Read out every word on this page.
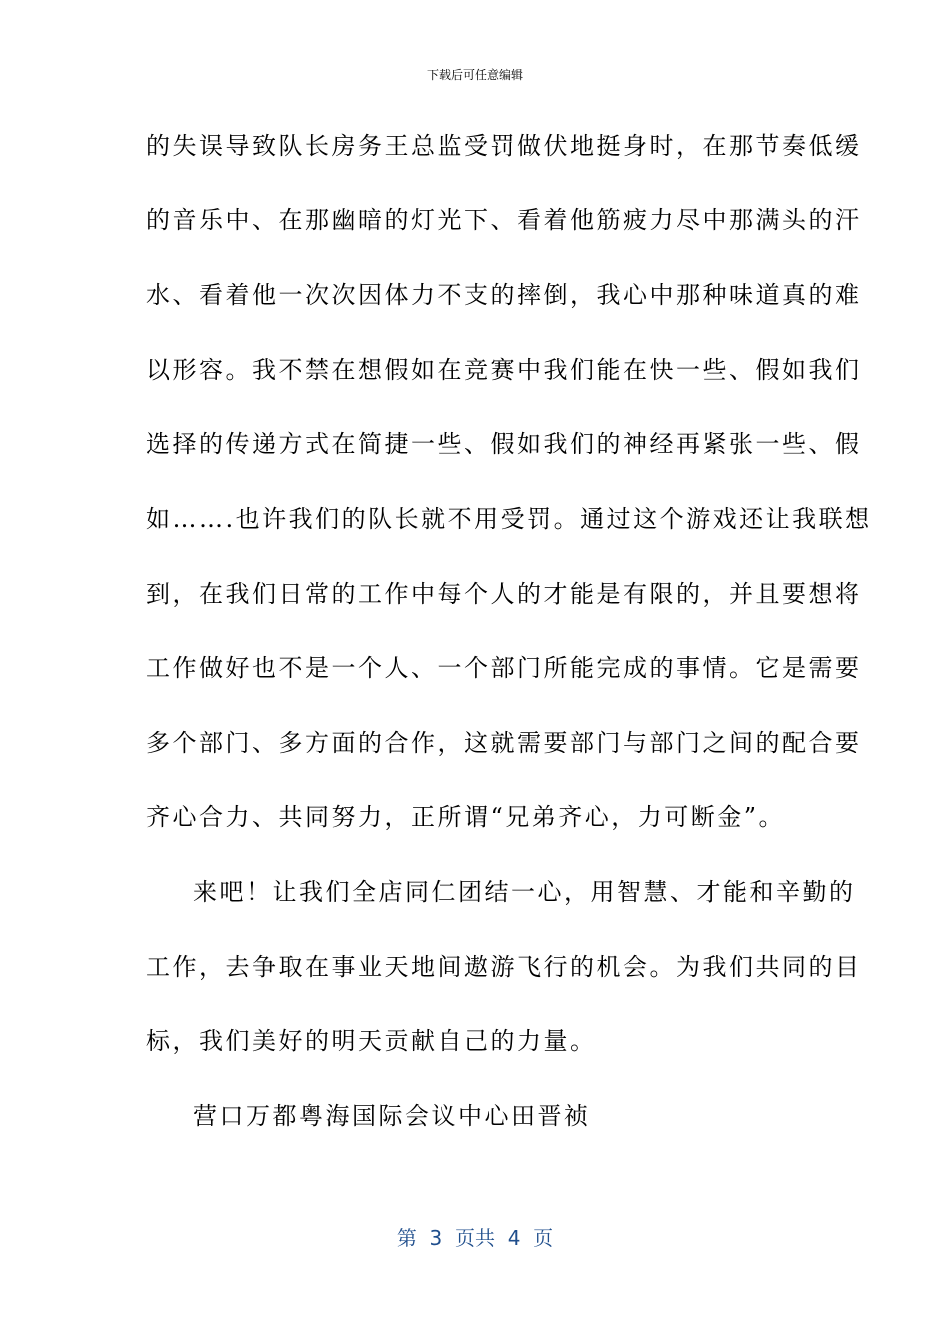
下载后可任意编辑
的失误导致队长房务王总监受罚做伏地挺身时，在那节奏低缓
的音乐中、在那幽暗的灯光下、看着他筋疲力尽中那满头的汗
水、看着他一次次因体力不支的摔倒，我心中那种味道真的难
以形容。我不禁在想假如在竞赛中我们能在快一些、假如我们
选择的传递方式在简捷一些、假如我们的神经再紧张一些、假
如…….也许我们的队长就不用受罚。通过这个游戏还让我联想
到，在我们日常的工作中每个人的才能是有限的，并且要想将
工作做好也不是一个人、一个部门所能完成的事情。它是需要
多个部门、多方面的合作，这就需要部门与部门之间的配合要
齐心合力、共同努力，正所谓“兄弟齐心，力可断金”。
来吧！让我们全店同仁团结一心，用智慧、才能和辛勤的
工作，去争取在事业天地间遨游飞行的机会。为我们共同的目
标，我们美好的明天贡献自己的力量。
营口万都粤海国际会议中心田晋祯
第  3  页共  4  页
